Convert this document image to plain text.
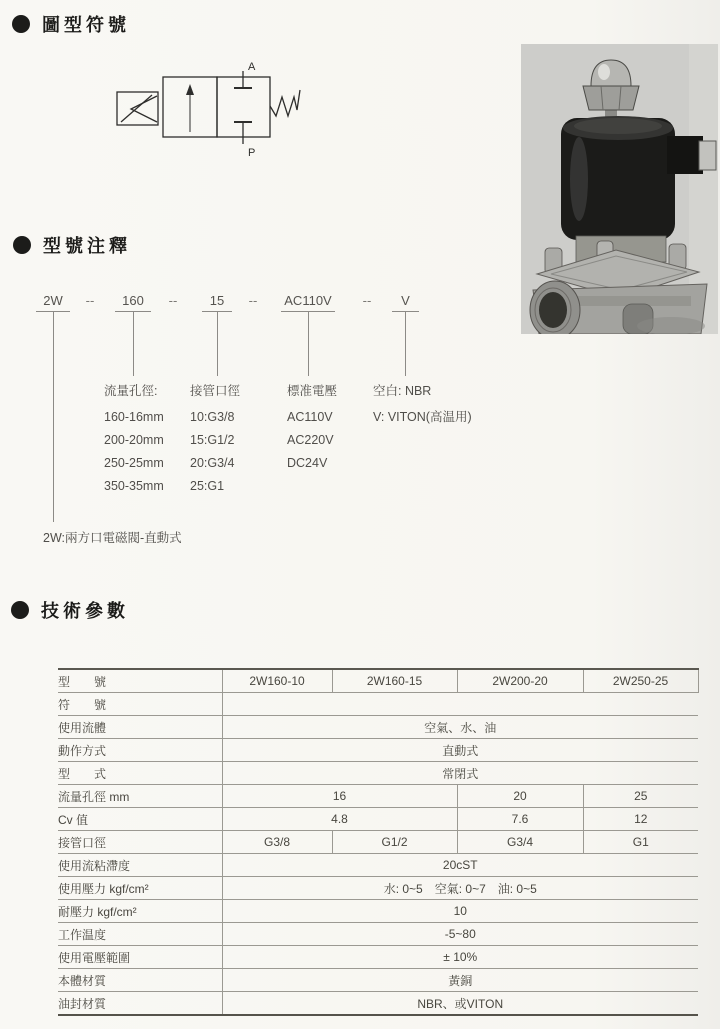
圖型符號
A
P
型號注釋
2W	--	160	--	15	--	AC110V	--	V
流量孔徑:
160-16mm
200-20mm
250-25mm
350-35mm
接管口徑
10:G3/8
15:G1/2
20:G3/4
25:G1
標准電壓
AC110V
AC220V
DC24V
空白: NBR
V: VITON(高温用)
2W:兩方口電磁閥-直動式
技術參數
型　　號	2W160-10	2W160-15	2W200-20	2W250-25
符　　號				
使用流體	空氣、水、油			
動作方式	直動式			
型　　式	常閉式			
流量孔徑 mm	16		20	25
Cv 值	4.8		7.6	12
接管口徑	G3/8	G1/2	G3/4	G1
使用流粘滯度	20cST			
使用壓力 kgf/cm²	水: 0~5　空氣: 0~7　油: 0~5			
耐壓力 kgf/cm²	10			
工作温度	-5~80			
使用電壓範圍	± 10%			
本體材質	黃銅			
油封材質	NBR、或VITON			
